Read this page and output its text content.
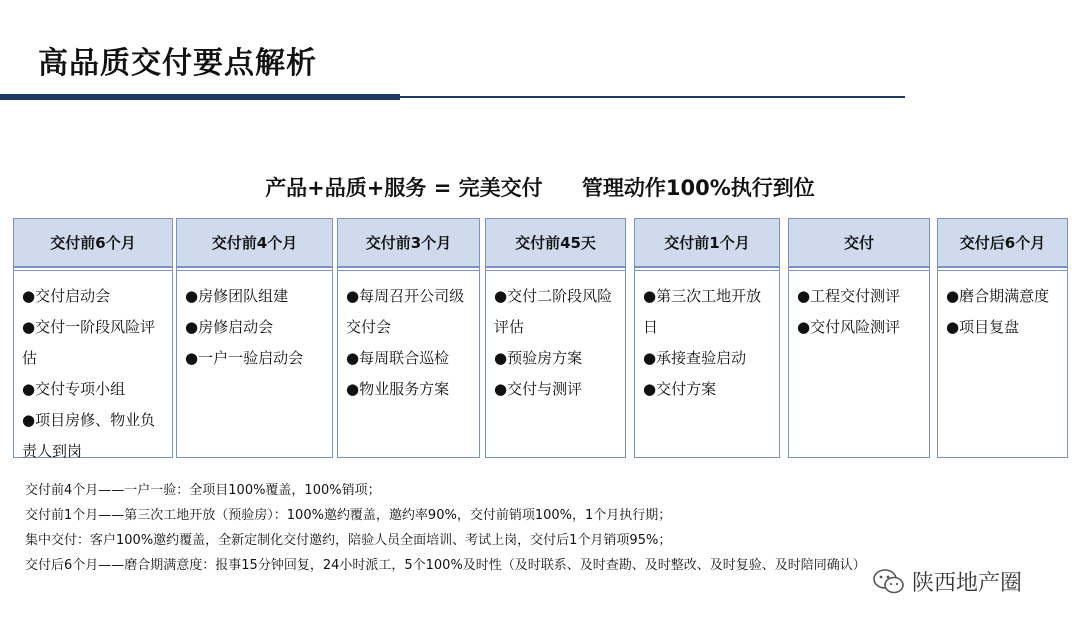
高品质交付要点解析
产品+品质+服务 = 完美交付 管理动作100%执行到位
交付前6个月
●交付启动会
●交付一阶段风险评估
●交付专项小组
●项目房修、物业负责人到岗
交付前4个月
●房修团队组建
●房修启动会
●一户一验启动会
交付前3个月
●每周召开公司级交付会
●每周联合巡检
●物业服务方案
交付前45天
●交付二阶段风险评估
●预验房方案
●交付与测评
交付前1个月
●第三次工地开放日
●承接查验启动
●交付方案
交付
●工程交付测评
●交付风险测评
交付后6个月
●磨合期满意度
●项目复盘
交付前4个月——一户一验：全项目100%覆盖，100%销项；
交付前1个月——第三次工地开放（预验房）：100%邀约覆盖，邀约率90%，交付前销项100%，1个月执行期；
集中交付：客户100%邀约覆盖，全新定制化交付邀约，陪验人员全面培训、考试上岗，交付后1个月销项95%；
交付后6个月——磨合期满意度：报事15分钟回复，24小时派工，5个100%及时性（及时联系、及时查勘、及时整改、及时复验、及时陪同确认）
陕西地产圈
